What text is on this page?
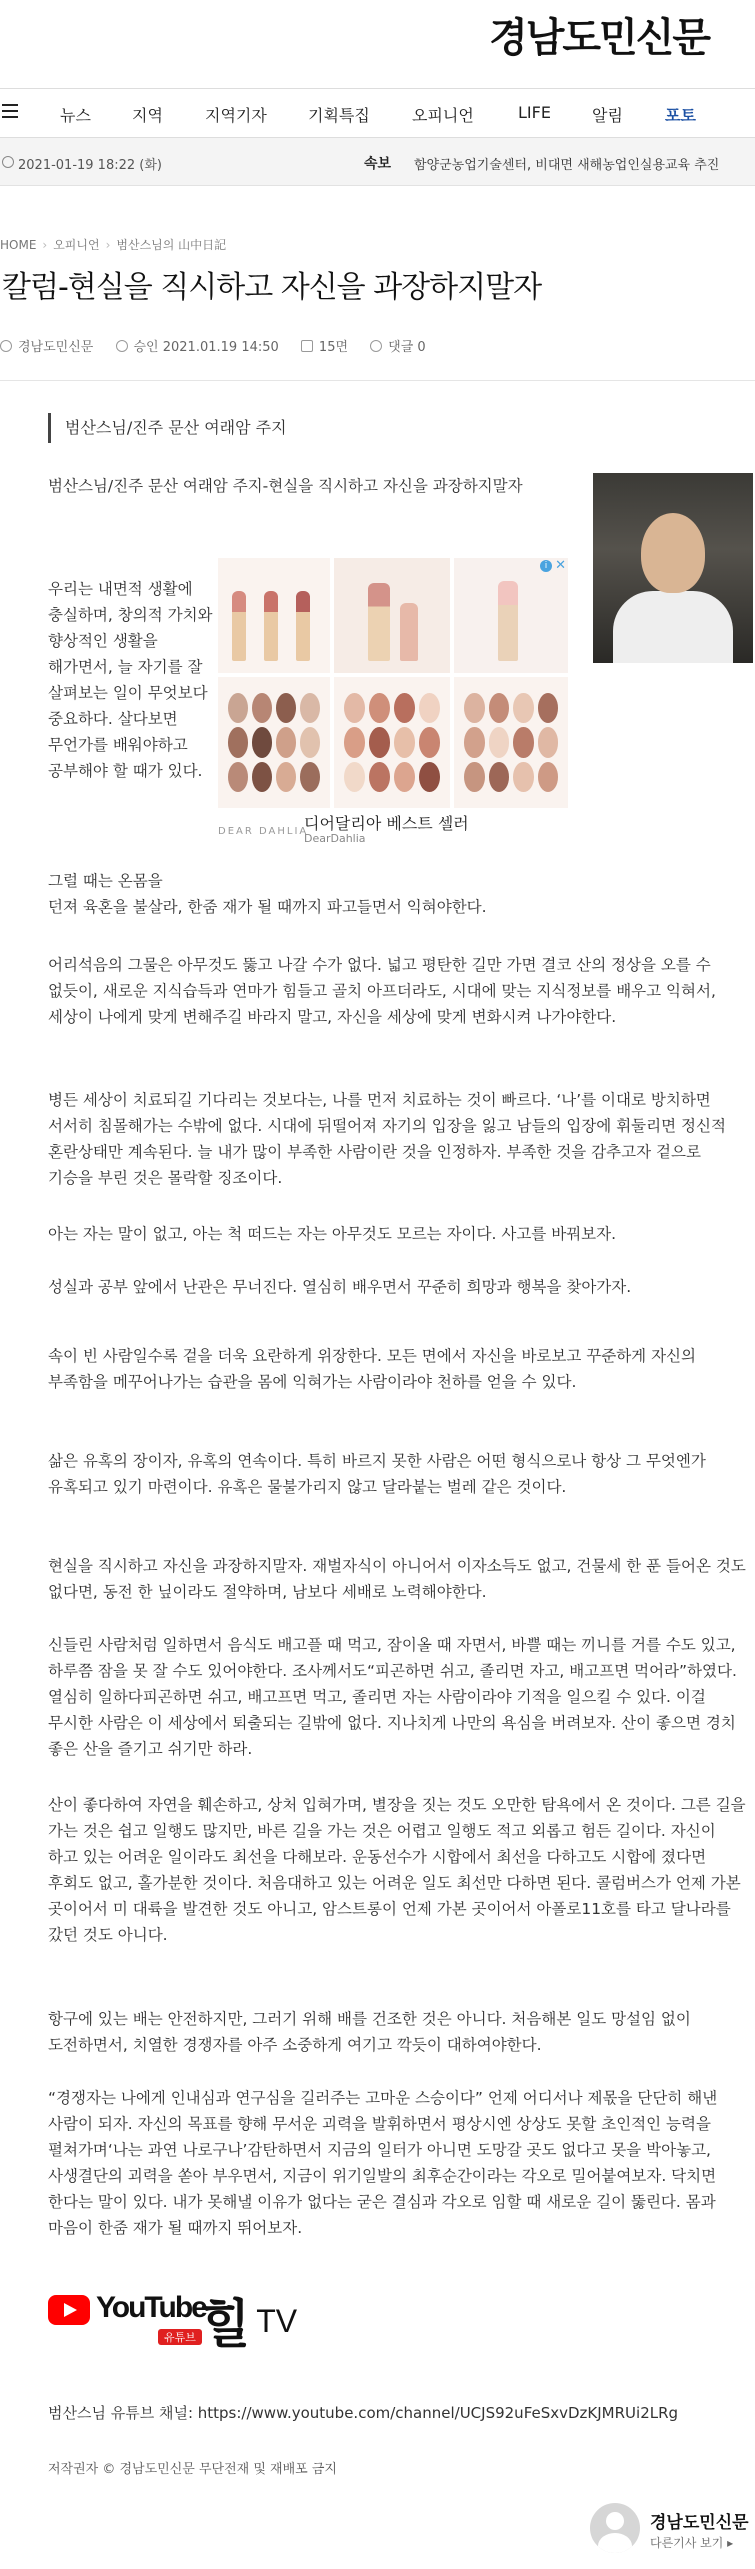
경남도민신문
뉴스	지역	지역기자	기획특집	오피니언	LIFE	알림	포토
2021-01-19 18:22 (화)	속보 함양군농업기술센터, 비대면 새해농업인실용교육 추진
HOME › 오피니언 › 범산스님의 山中日記
칼럼-현실을 직시하고 자신을 과장하지말자
경남도민신문	승인 2021.01.19 14:50	15면	댓글 0
범산스님/진주 문산 여래암 주지

범산스님/진주 문산 여래암 주지-현실을 직시하고 자신을 과장하지말자

i ✕
DEAR DAHLIA
디어달리아 베스트 셀러
DearDahlia

우리는 내면적 생활에 충실하며, 창의적 가치와 향상적인 생활을 해가면서, 늘 자기를 잘 살펴보는 일이 무엇보다 중요하다. 살다보면 무언가를 배워야하고 공부해야 할 때가 있다.

그럴 때는 온몸을
던져 육혼을 불살라, 한줌 재가 될 때까지 파고들면서 익혀야한다.

어리석음의 그물은 아무것도 뚫고 나갈 수가 없다. 넓고 평탄한 길만 가면 결코 산의 정상을 오를 수 없듯이, 새로운 지식습득과 연마가 힘들고 골치 아프더라도, 시대에 맞는 지식정보를 배우고 익혀서, 세상이 나에게 맞게 변해주길 바라지 말고, 자신을 세상에 맞게 변화시켜 나가야한다.

병든 세상이 치료되길 기다리는 것보다는, 나를 먼저 치료하는 것이 빠르다. ‘나’를 이대로 방치하면 서서히 침몰해가는 수밖에 없다. 시대에 뒤떨어져 자기의 입장을 잃고 남들의 입장에 휘둘리면 정신적 혼란상태만 계속된다. 늘 내가 많이 부족한 사람이란 것을 인정하자. 부족한 것을 감추고자 겉으로 기승을 부린 것은 몰락할 징조이다.

아는 자는 말이 없고, 아는 척 떠드는 자는 아무것도 모르는 자이다. 사고를 바꿔보자.

성실과 공부 앞에서 난관은 무너진다. 열심히 배우면서 꾸준히 희망과 행복을 찾아가자.

속이 빈 사람일수록 겉을 더욱 요란하게 위장한다. 모든 면에서 자신을 바로보고 꾸준하게 자신의 부족함을 메꾸어나가는 습관을 몸에 익혀가는 사람이라야 천하를 얻을 수 있다.

삶은 유혹의 장이자, 유혹의 연속이다. 특히 바르지 못한 사람은 어떤 형식으로나 항상 그 무엇엔가 유혹되고 있기 마련이다. 유혹은 물불가리지 않고 달라붙는 벌레 같은 것이다.

현실을 직시하고 자신을 과장하지말자. 재벌자식이 아니어서 이자소득도 없고, 건물세 한 푼 들어온 것도 없다면, 동전 한 닢이라도 절약하며, 남보다 세배로 노력해야한다.

신들린 사람처럼 일하면서 음식도 배고플 때 먹고, 잠이올 때 자면서, 바쁠 때는 끼니를 거를 수도 있고, 하루쯤 잠을 못 잘 수도 있어야한다. 조사께서도“피곤하면 쉬고, 졸리면 자고, 배고프면 먹어라”하였다. 열심히 일하다피곤하면 쉬고, 배고프면 먹고, 졸리면 자는 사람이라야 기적을 일으킬 수 있다. 이걸 무시한 사람은 이 세상에서 퇴출되는 길밖에 없다. 지나치게 나만의 욕심을 버려보자. 산이 좋으면 경치 좋은 산을 즐기고 쉬기만 하라.

산이 좋다하여 자연을 훼손하고, 상처 입혀가며, 별장을 짓는 것도 오만한 탐욕에서 온 것이다. 그른 길을 가는 것은 쉽고 일행도 많지만, 바른 길을 가는 것은 어렵고 일행도 적고 외롭고 험든 길이다. 자신이 하고 있는 어려운 일이라도 최선을 다해보라. 운동선수가 시합에서 최선을 다하고도 시합에 졌다면 후회도 없고, 홀가분한 것이다. 처음대하고 있는 어려운 일도 최선만 다하면 된다. 콜럼버스가 언제 가본 곳이어서 미 대륙을 발견한 것도 아니고, 암스트롱이 언제 가본 곳이어서 아폴로11호를 타고 달나라를 갔던 것도 아니다.

항구에 있는 배는 안전하지만, 그러기 위해 배를 건조한 것은 아니다. 처음해본 일도 망설임 없이 도전하면서, 치열한 경쟁자를 아주 소중하게 여기고 깍듯이 대하여야한다.

“경쟁자는 나에게 인내심과 연구심을 길러주는 고마운 스승이다” 언제 어디서나 제몫을 단단히 해낸 사람이 되자. 자신의 목표를 향해 무서운 괴력을 발휘하면서 평상시엔 상상도 못할 초인적인 능력을 펼쳐가며‘나는 과연 나로구나’감탄하면서 지금의 일터가 아니면 도망갈 곳도 없다고 못을 박아놓고, 사생결단의 괴력을 쏟아 부우면서, 지금이 위기일발의 최후순간이라는 각오로 밀어붙여보자. 닥치면 한다는 말이 있다. 내가 못해낼 이유가 없다는 굳은 결심과 각오로 임할 때 새로운 길이 뚫린다. 몸과 마음이 한줌 재가 될 때까지 뛰어보자.

YouTube
유튜브 힐TV
범산스님 유튜브 채널: https://www.youtube.com/channel/UCJS92uFeSxvDzKJMRUi2LRg
저작권자 © 경남도민신문 무단전재 및 재배포 금지
경남도민신문
다른기사 보기 ▸
